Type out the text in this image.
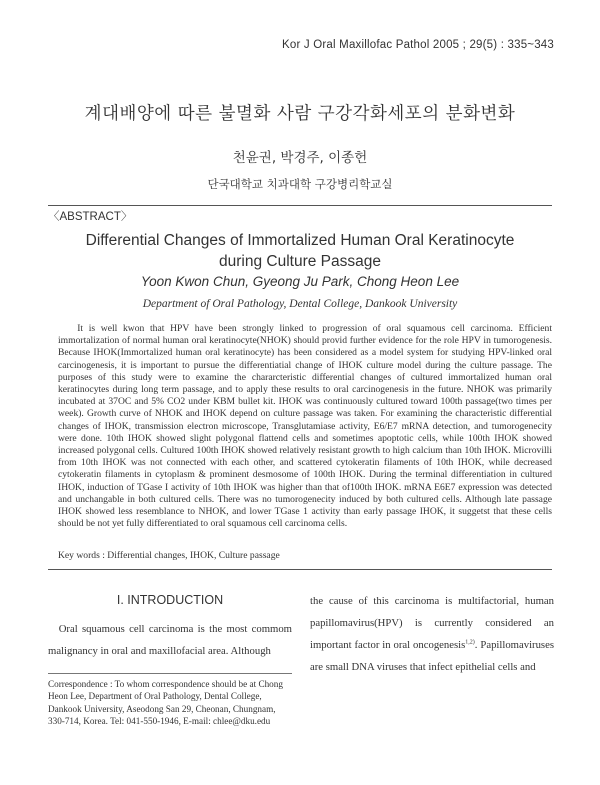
Kor J Oral Maxillofac Pathol 2005 ; 29(5) : 335~343
계대배양에 따른 불멸화 사람 구강각화세포의 분화변화
천윤권, 박경주, 이종헌
단국대학교 치과대학 구강병리학교실
〈ABSTRACT〉
Differential Changes of Immortalized Human Oral Keratinocyte
during Culture Passage
Yoon Kwon Chun, Gyeong Ju Park, Chong Heon Lee
Department of Oral Pathology, Dental College, Dankook University

It is well kwon that HPV have been strongly linked to progression of oral squamous cell carcinoma. Efficient immortalization of normal human oral keratinocyte(NHOK) should provid further evidence for the role HPV in tumorogenesis. Because IHOK(Immortalized human oral keratinocyte) has been considered as a model system for studying HPV-linked oral carcinogenesis, it is important to pursue the differentiatial change of IHOK culture model during the culture passage. The purposes of this study were to examine the chararcteristic differential changes of cultured immortalized human oral keratinocytes during long term passage, and to apply these results to oral carcinogenesis in the future. NHOK was primarily incubated at 37OC and 5% CO2 under KBM bullet kit. IHOK was continuously cultured toward 100th passage(two times per week). Growth curve of NHOK and IHOK depend on culture passage was taken. For examining the characteristic differential changes of IHOK, transmission electron microscope, Transglutamiase activity, E6/E7 mRNA detection, and tumorogenecity were done. 10th IHOK showed slight polygonal flattend cells and sometimes apoptotic cells, while 100th IHOK showed increased polygonal cells. Cultured 100th IHOK showed relatively resistant growth to high calcium than 10th IHOK. Microvilli from 10th IHOK was not connected with each other, and scattered cytokeratin filaments of 10th IHOK, while decreased cytokeratin filaments in cytoplasm & prominent desmosome of 100th IHOK. During the terminal differentiation in cultured IHOK, induction of TGase I activity of 10th IHOK was higher than that of100th IHOK. mRNA E6E7 expression was detected and unchangable in both cultured cells. There was no tumorogenecity induced by both cultured cells. Although late passage IHOK showed less resemblance to NHOK, and lower TGase 1 activity than early passage IHOK, it suggetst that these cells should be not yet fully differentiated to oral squamous cell carcinoma cells.

Key words : Differential changes, IHOK, Culture passage
I. INTRODUCTION

Oral squamous cell carcinoma is the most commom malignancy in oral and maxillofacial area. Although

the cause of this carcinoma is multifactorial, human papillomavirus(HPV) is currently considered an important factor in oral oncogenesis$^{1,2)}$. Papillomaviruses are small DNA viruses that infect epithelial cells and

Correspondence : To whom correspondence should be at Chong Heon Lee, Department of Oral Pathology, Dental College, Dankook University, Aseodong San 29, Cheonan, Chungnam, 330-714, Korea. Tel: 041-550-1946, E-mail: chlee@dku.edu
